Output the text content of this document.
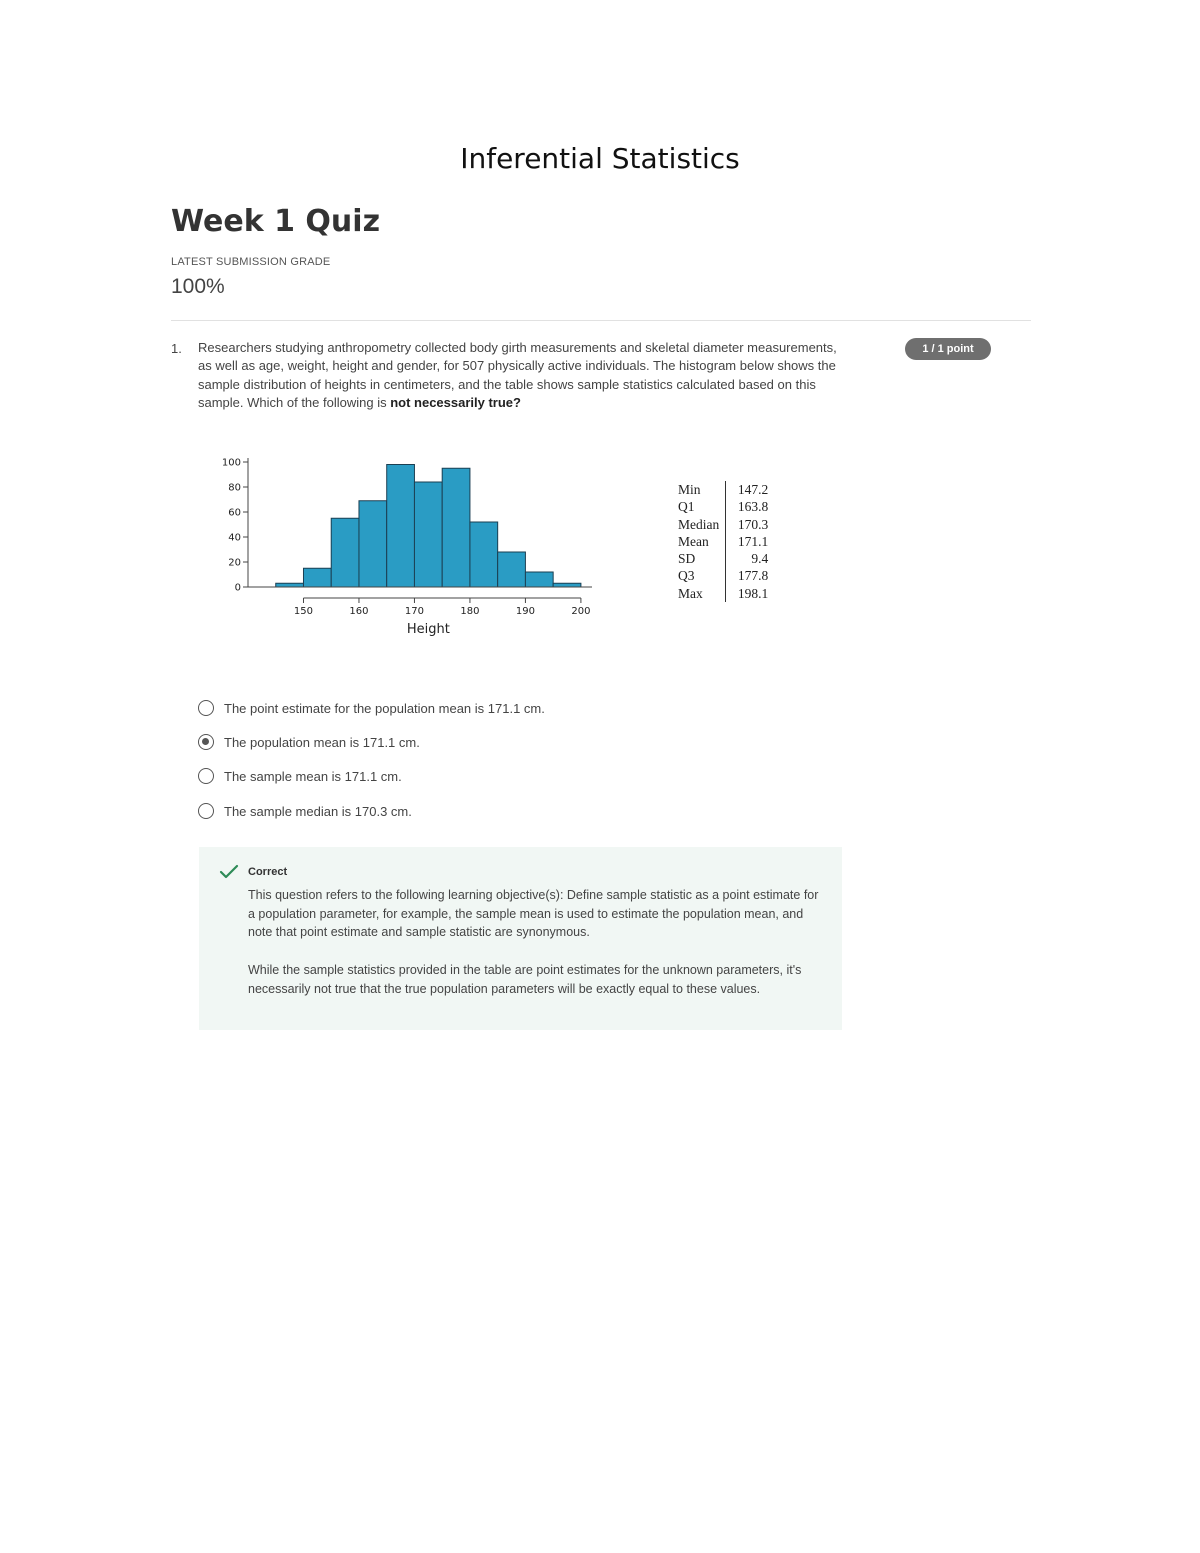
Inferential Statistics
Week 1 Quiz
LATEST SUBMISSION GRADE
100%
1. Researchers studying anthropometry collected body girth measurements and skeletal diameter measurements, as well as age, weight, height and gender, for 507 physically active individuals. The histogram below shows the sample distribution of heights in centimeters, and the table shows sample statistics calculated based on this sample. Which of the following is not necessarily true?
1 / 1 point
0
20
40
60
80
100
150	160	170	180	190	200
Height
Min	147.2
Q1	163.8
Median	170.3
Mean	171.1
SD	9.4
Q3	177.8
Max	198.1
The point estimate for the population mean is 171.1 cm.
The population mean is 171.1 cm.
The sample mean is 171.1 cm.
The sample median is 170.3 cm.
Correct
This question refers to the following learning objective(s): Define sample statistic as a point estimate for a population parameter, for example, the sample mean is used to estimate the population mean, and note that point estimate and sample statistic are synonymous.
While the sample statistics provided in the table are point estimates for the unknown parameters, it's necessarily not true that the true population parameters will be exactly equal to these values.
